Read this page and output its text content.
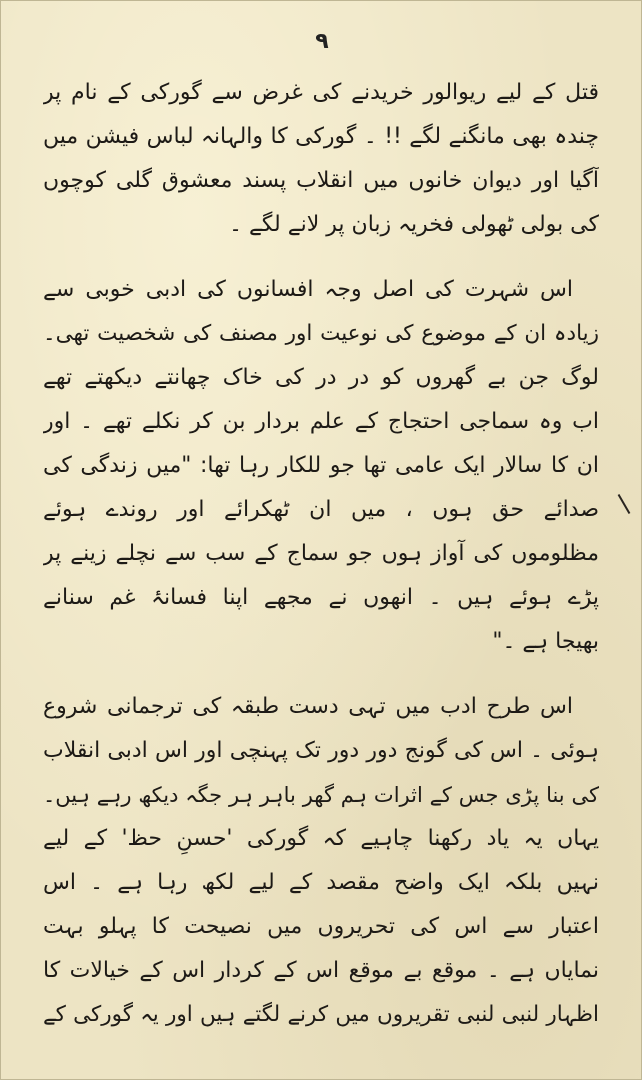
۹
قتل کے لیے ریوالور خریدنے کی غرض سے گورکی کے نام پر
چندہ بھی مانگنے لگے !! ۔ گورکی کا والہانہ لباس فیشن میں
آگیا اور دیوان خانوں میں انقلاب پسند معشوق گلی کوچوں
کی بولی ٹھولی فخریہ زبان پر لانے لگے ۔
اس شہرت کی اصل وجہ افسانوں کی ادبی خوبی سے
زیادہ ان کے موضوع کی نوعیت اور مصنف کی شخصیت تھی۔
لوگ جن بے گھروں کو در در کی خاک چھانتے دیکھتے تھے
اب وہ سماجی احتجاج کے علم بردار بن کر نکلے تھے ۔ اور
ان کا سالار ایک عامی تھا جو للکار رہا تھا: "میں زندگی کی
صدائے حق ہوں ، میں ان ٹھکرائے اور روندے ہوئے
مظلوموں کی آواز ہوں جو سماج کے سب سے نچلے زینے پر
پڑے ہوئے ہیں ۔ انھوں نے مجھے اپنا فسانۂ غم سنانے
بھیجا ہے ۔"
اس طرح ادب میں تہی دست طبقہ کی ترجمانی شروع
ہوئی ۔ اس کی گونج دور دور تک پہنچی اور اس ادبی انقلاب
کی بنا پڑی جس کے اثرات ہم گھر باہر ہر جگہ دیکھ رہے ہیں۔
یہاں یہ یاد رکھنا چاہیے کہ گورکی 'حسنِ حظ' کے لیے
نہیں بلکہ ایک واضح مقصد کے لیے لکھ رہا ہے ۔ اس
اعتبار سے اس کی تحریروں میں نصیحت کا پہلو بہت
نمایاں ہے ۔ موقع بے موقع اس کے کردار اس کے خیالات کا
اظہار لنبی لنبی تقریروں میں کرنے لگتے ہیں اور یہ گورکی کے
